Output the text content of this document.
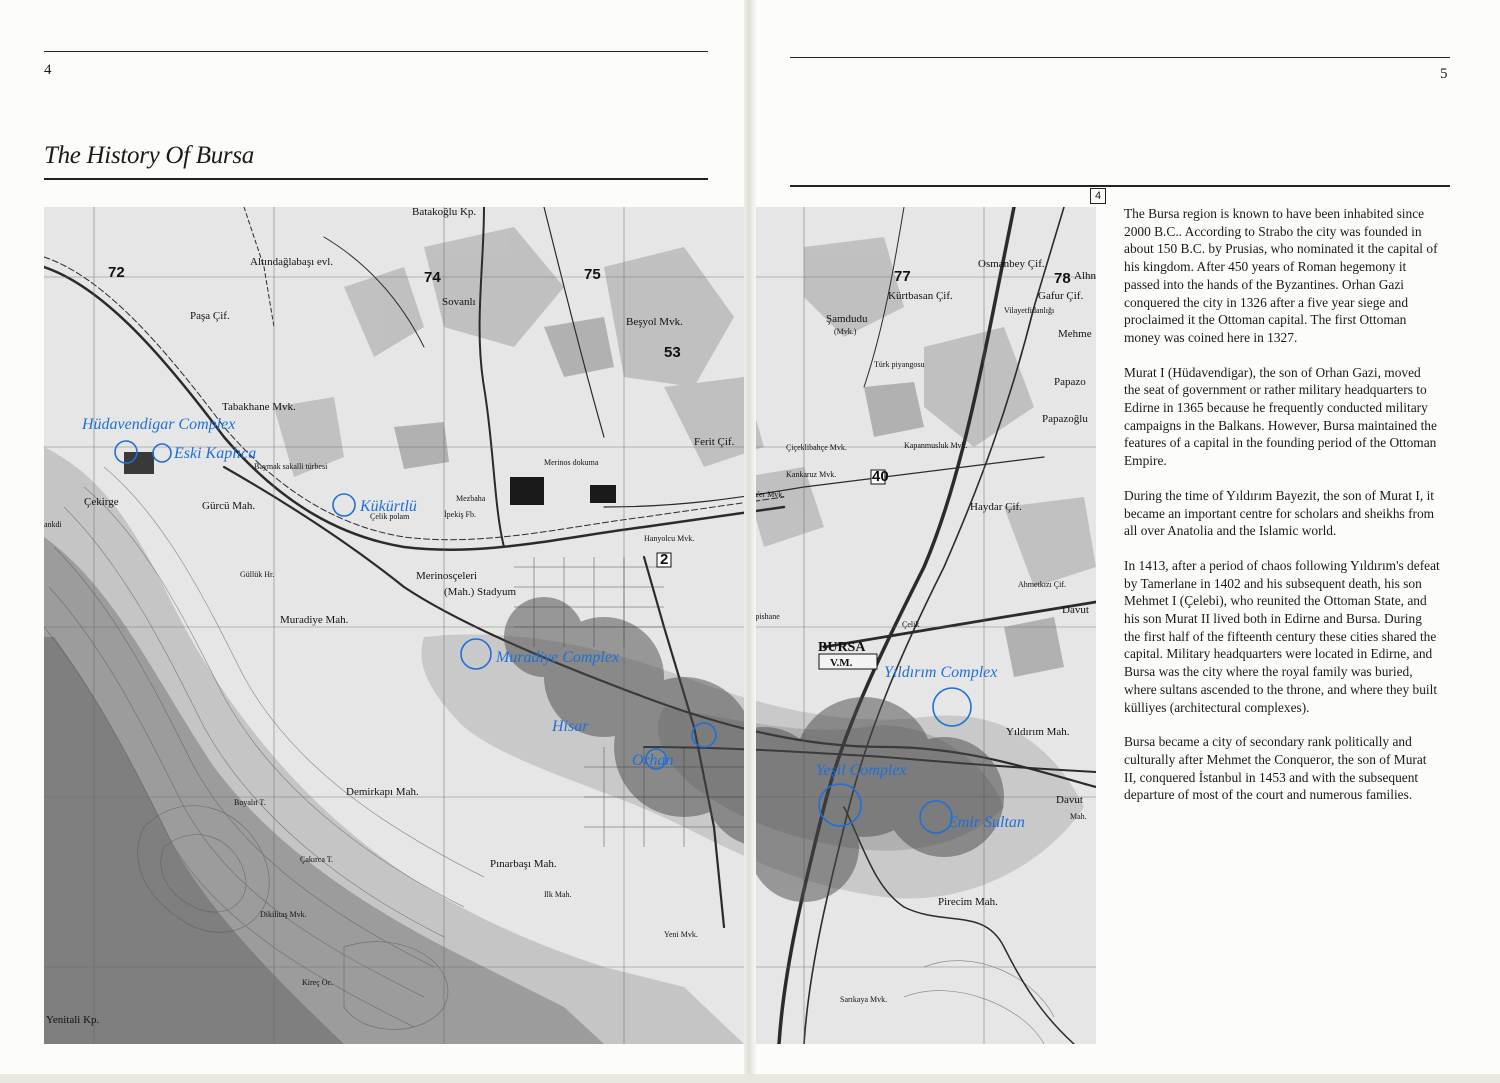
4	5
The History Of Bursa
4

The Bursa region is known to have been inhabited since 2000 B.C.. According to Strabo the city was founded in about 150 B.C. by Prusias, who nominated it the capital of his kingdom. After 450 years of Roman hegemony it passed into the hands of the Byzantines. Orhan Gazi conquered the city in 1326 after a five year siege and proclaimed it the Ottoman capital. The first Ottoman money was coined here in 1327.

Murat I (Hüdavendigar), the son of Orhan Gazi, moved the seat of government or rather military headquarters to Edirne in 1365 because he frequently conducted military campaigns in the Balkans. However, Bursa maintained the features of a capital in the founding period of the Ottoman Empire.

During the time of Yıldırım Bayezit, the son of Murat I, it became an important centre for scholars and sheikhs from all over Anatolia and the Islamic world.

In 1413, after a period of chaos following Yıldırım's defeat by Tamerlane in 1402 and his subsequent death, his son Mehmet I (Çelebi), who reunited the Ottoman State, and his son Murat II lived both in Edirne and Bursa. During the first half of the fifteenth century these cities shared the capital. Military headquarters were located in Edirne, and Bursa was the city where the royal family was buried, where sultans ascended to the throne, and where they built külliyes (architectural complexes).

Bursa became a city of secondary rank politically and culturally after Mehmet the Conqueror, the son of Murat II, conquered İstanbul in 1453 and with the subsequent departure of most of the court and numerous families.
